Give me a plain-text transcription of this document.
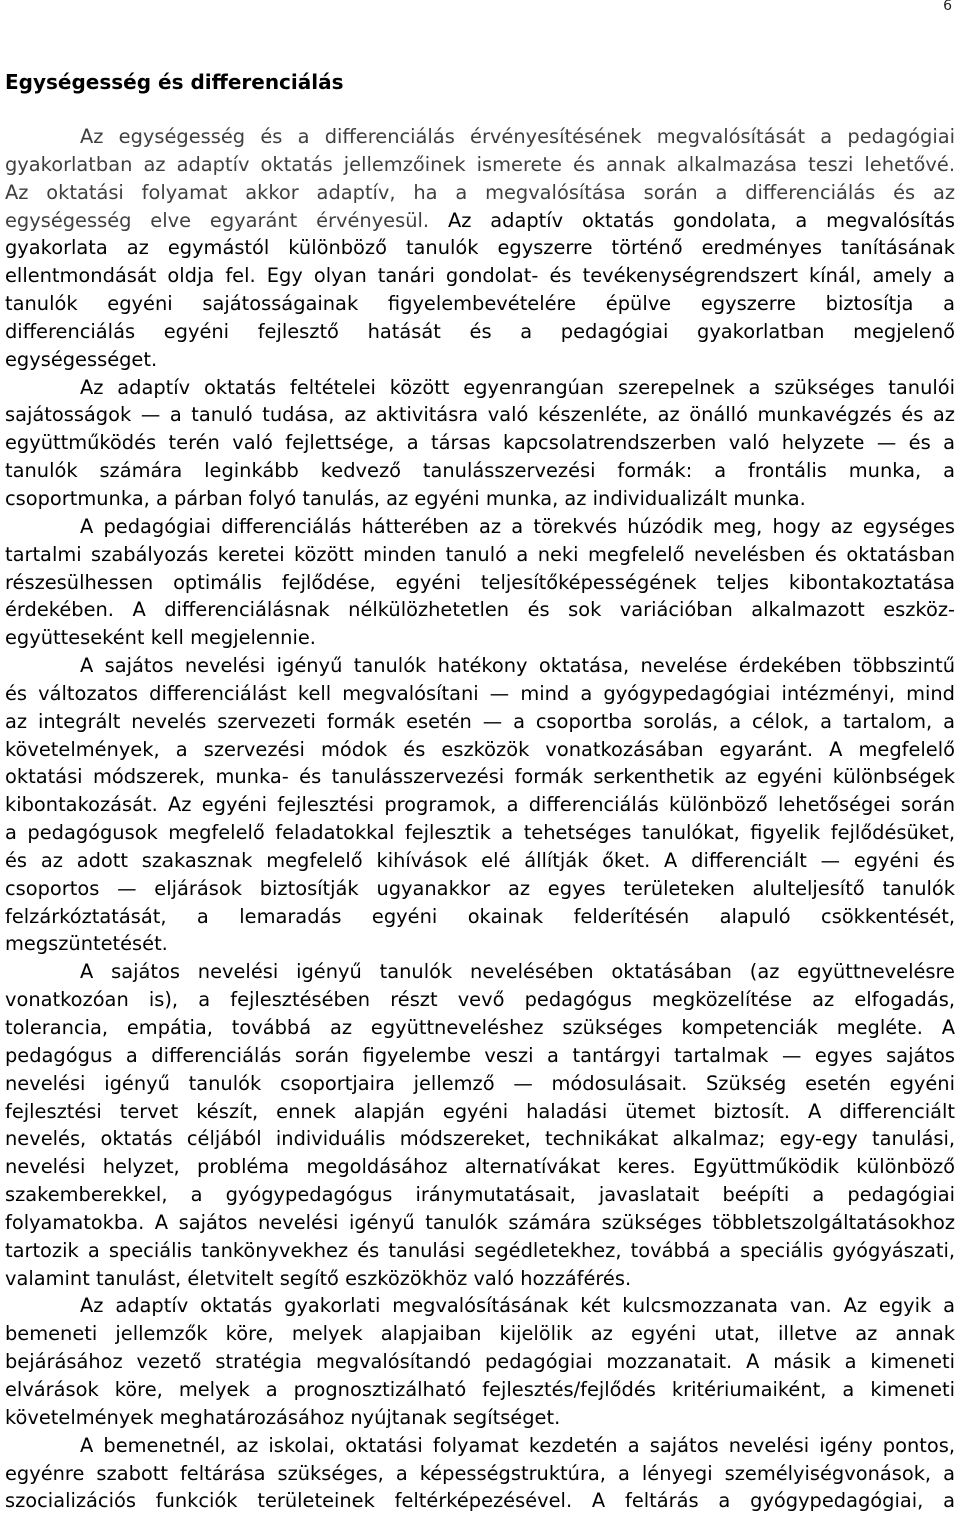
6
Egységesség és differenciálás
Az egységesség és a differenciálás érvényesítésének megvalósítását a pedagógiai
gyakorlatban az adaptív oktatás jellemzőinek ismerete és annak alkalmazása teszi lehetővé.
Az oktatási folyamat akkor adaptív, ha a megvalósítása során a differenciálás és az
egységesség elve egyaránt érvényesül. Az adaptív oktatás gondolata, a megvalósítás
gyakorlata az egymástól különböző tanulók egyszerre történő eredményes tanításának
ellentmondását oldja fel. Egy olyan tanári gondolat- és tevékenységrendszert kínál, amely a
tanulók egyéni sajátosságainak figyelembevételére épülve egyszerre biztosítja a
differenciálás egyéni fejlesztő hatását és a pedagógiai gyakorlatban megjelenő
egységességet.
Az adaptív oktatás feltételei között egyenrangúan szerepelnek a szükséges tanulói
sajátosságok — a tanuló tudása, az aktivitásra való készenléte, az önálló munkavégzés és az
együttműködés terén való fejlettsége, a társas kapcsolatrendszerben való helyzete — és a
tanulók számára leginkább kedvező tanulásszervezési formák: a frontális munka, a
csoportmunka, a párban folyó tanulás, az egyéni munka, az individualizált munka.
A pedagógiai differenciálás hátterében az a törekvés húzódik meg, hogy az egységes
tartalmi szabályozás keretei között minden tanuló a neki megfelelő nevelésben és oktatásban
részesülhessen optimális fejlődése, egyéni teljesítőképességének teljes kibontakoztatása
érdekében. A differenciálásnak nélkülözhetetlen és sok variációban alkalmazott eszköz-
együtteseként kell megjelennie.
A sajátos nevelési igényű tanulók hatékony oktatása, nevelése érdekében többszintű
és változatos differenciálást kell megvalósítani — mind a gyógypedagógiai intézményi, mind
az integrált nevelés szervezeti formák esetén — a csoportba sorolás, a célok, a tartalom, a
követelmények, a szervezési módok és eszközök vonatkozásában egyaránt. A megfelelő
oktatási módszerek, munka- és tanulásszervezési formák serkenthetik az egyéni különbségek
kibontakozását. Az egyéni fejlesztési programok, a differenciálás különböző lehetőségei során
a pedagógusok megfelelő feladatokkal fejlesztik a tehetséges tanulókat, figyelik fejlődésüket,
és az adott szakasznak megfelelő kihívások elé állítják őket. A differenciált — egyéni és
csoportos — eljárások biztosítják ugyanakkor az egyes területeken alulteljesítő tanulók
felzárkóztatását, a lemaradás egyéni okainak felderítésén alapuló csökkentését,
megszüntetését.
A sajátos nevelési igényű tanulók nevelésében oktatásában (az együttnevelésre
vonatkozóan is), a fejlesztésében részt vevő pedagógus megközelítése az elfogadás,
tolerancia, empátia, továbbá az együttneveléshez szükséges kompetenciák megléte. A
pedagógus a differenciálás során figyelembe veszi a tantárgyi tartalmak — egyes sajátos
nevelési igényű tanulók csoportjaira jellemző — módosulásait. Szükség esetén egyéni
fejlesztési tervet készít, ennek alapján egyéni haladási ütemet biztosít. A differenciált
nevelés, oktatás céljából individuális módszereket, technikákat alkalmaz; egy-egy tanulási,
nevelési helyzet, probléma megoldásához alternatívákat keres. Együttműködik különböző
szakemberekkel, a gyógypedagógus iránymutatásait, javaslatait beépíti a pedagógiai
folyamatokba. A sajátos nevelési igényű tanulók számára szükséges többletszolgáltatásokhoz
tartozik a speciális tankönyvekhez és tanulási segédletekhez, továbbá a speciális gyógyászati,
valamint tanulást, életvitelt segítő eszközökhöz való hozzáférés.
Az adaptív oktatás gyakorlati megvalósításának két kulcsmozzanata van. Az egyik a
bemeneti jellemzők köre, melyek alapjaiban kijelölik az egyéni utat, illetve az annak
bejárásához vezető stratégia megvalósítandó pedagógiai mozzanatait. A másik a kimeneti
elvárások köre, melyek a prognosztizálható fejlesztés/fejlődés kritériumaiként, a kimeneti
követelmények meghatározásához nyújtanak segítséget.
A bemenetnél, az iskolai, oktatási folyamat kezdetén a sajátos nevelési igény pontos,
egyénre szabott feltárása szükséges, a képességstruktúra, a lényegi személyiségvonások, a
szocializációs funkciók területeinek feltérképezésével. A feltárás a gyógypedagógiai, a
